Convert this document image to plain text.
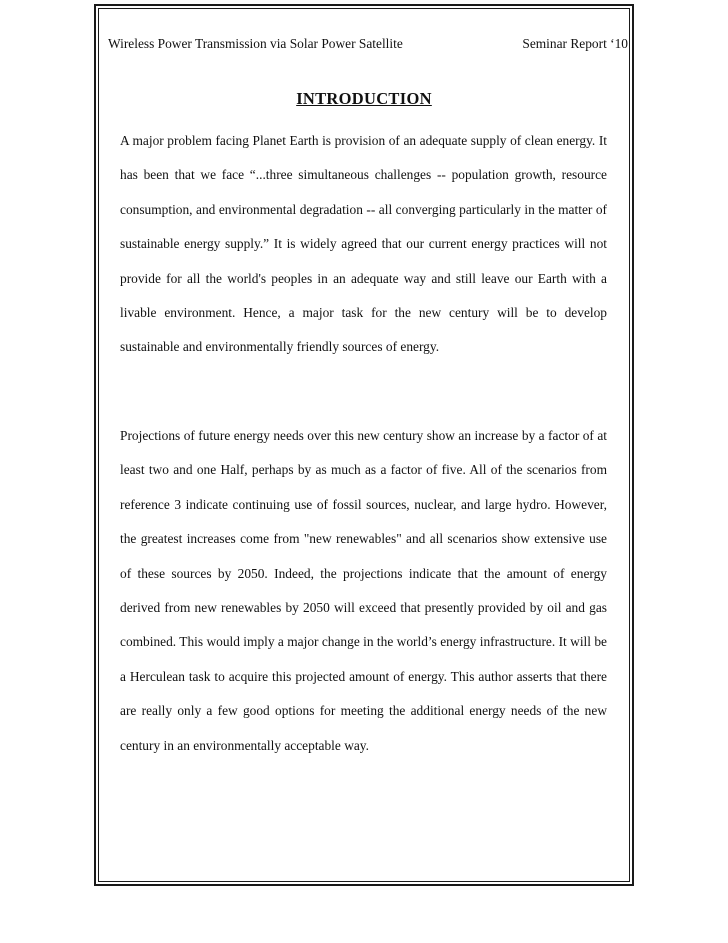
Wireless Power Transmission via Solar Power Satellite	Seminar Report ‘10
INTRODUCTION

A major problem facing Planet Earth is provision of an adequate supply of clean energy. It has been that we face “...three simultaneous challenges -- population growth, resource consumption, and environmental degradation -- all converging particularly in the matter of sustainable energy supply.” It is widely agreed that our current energy practices will not provide for all the world's peoples in an adequate way and still leave our Earth with a livable environment. Hence, a major task for the new century will be to develop sustainable and environmentally friendly sources of energy.

Projections of future energy needs over this new century show an increase by a factor of at least two and one Half, perhaps by as much as a factor of five. All of the scenarios from reference 3 indicate continuing use of fossil sources, nuclear, and large hydro. However, the greatest increases come from "new renewables" and all scenarios show extensive use of these sources by 2050. Indeed, the projections indicate that the amount of energy derived from new renewables by 2050 will exceed that presently provided by oil and gas combined. This would imply a major change in the world’s energy infrastructure. It will be a Herculean task to acquire this projected amount of energy. This author asserts that there are really only a few good options for meeting the additional energy needs of the new century in an environmentally acceptable way.
